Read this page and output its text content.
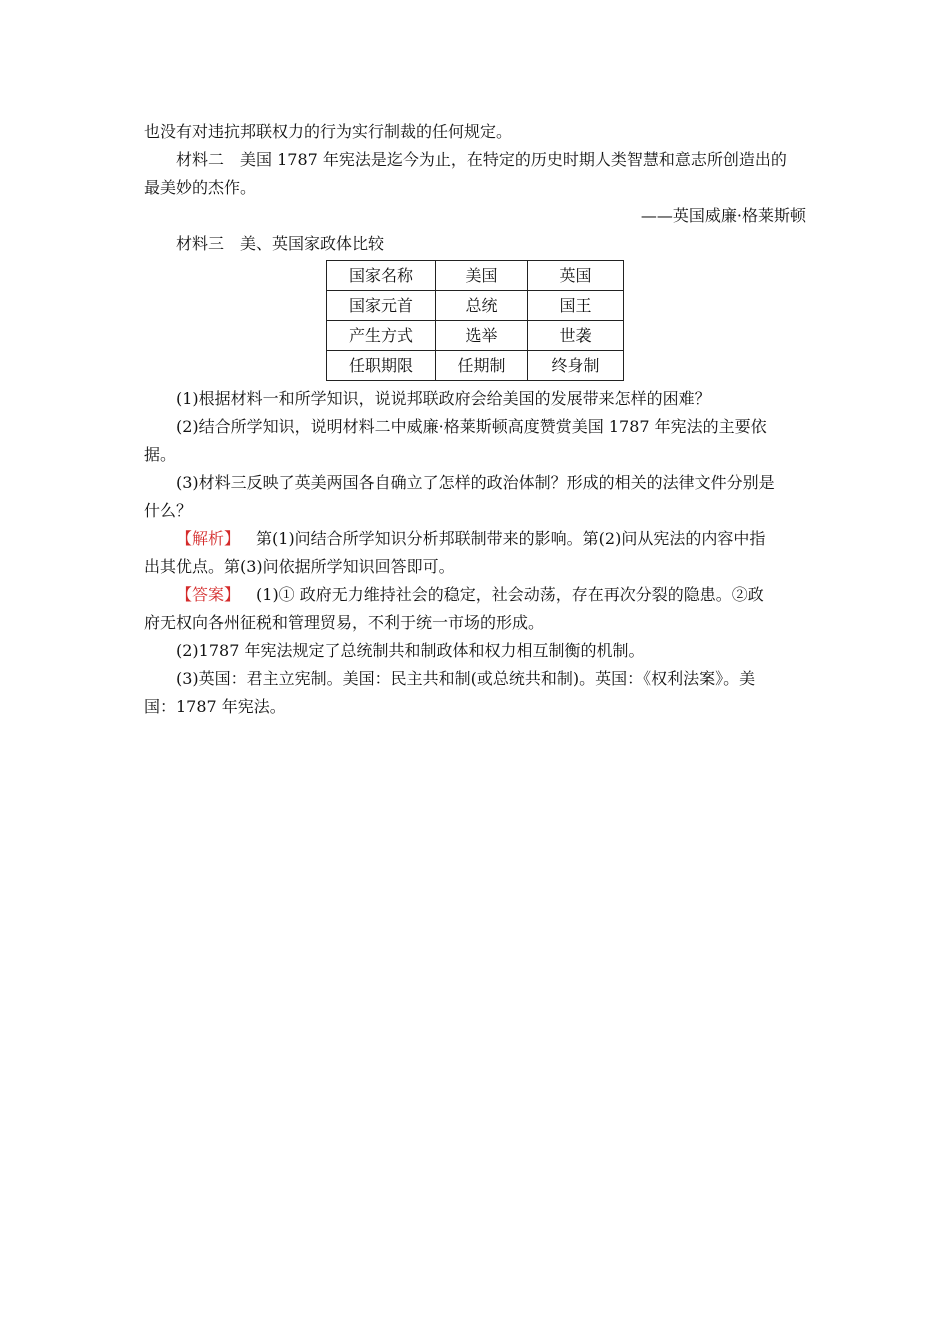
也没有对违抗邦联权力的行为实行制裁的任何规定。
材料二 美国 1787 年宪法是迄今为止，在特定的历史时期人类智慧和意志所创造出的
最美妙的杰作。
——英国威廉·格莱斯顿
材料三 美、英国家政体比较
国家名称	美国	英国
国家元首	总统	国王
产生方式	选举	世袭
任职期限	任期制	终身制
(1)根据材料一和所学知识，说说邦联政府会给美国的发展带来怎样的困难？
(2)结合所学知识，说明材料二中威廉·格莱斯顿高度赞赏美国 1787 年宪法的主要依
据。
(3)材料三反映了英美两国各自确立了怎样的政治体制？形成的相关的法律文件分别是
什么？
【解析】 第(1)问结合所学知识分析邦联制带来的影响。第(2)问从宪法的内容中指
出其优点。第(3)问依据所学知识回答即可。
【答案】 (1)① 政府无力维持社会的稳定，社会动荡，存在再次分裂的隐患。②政
府无权向各州征税和管理贸易，不利于统一市场的形成。
(2)1787 年宪法规定了总统制共和制政体和权力相互制衡的机制。
(3)英国：君主立宪制。美国：民主共和制(或总统共和制)。英国：《权利法案》。美
国：1787 年宪法。
